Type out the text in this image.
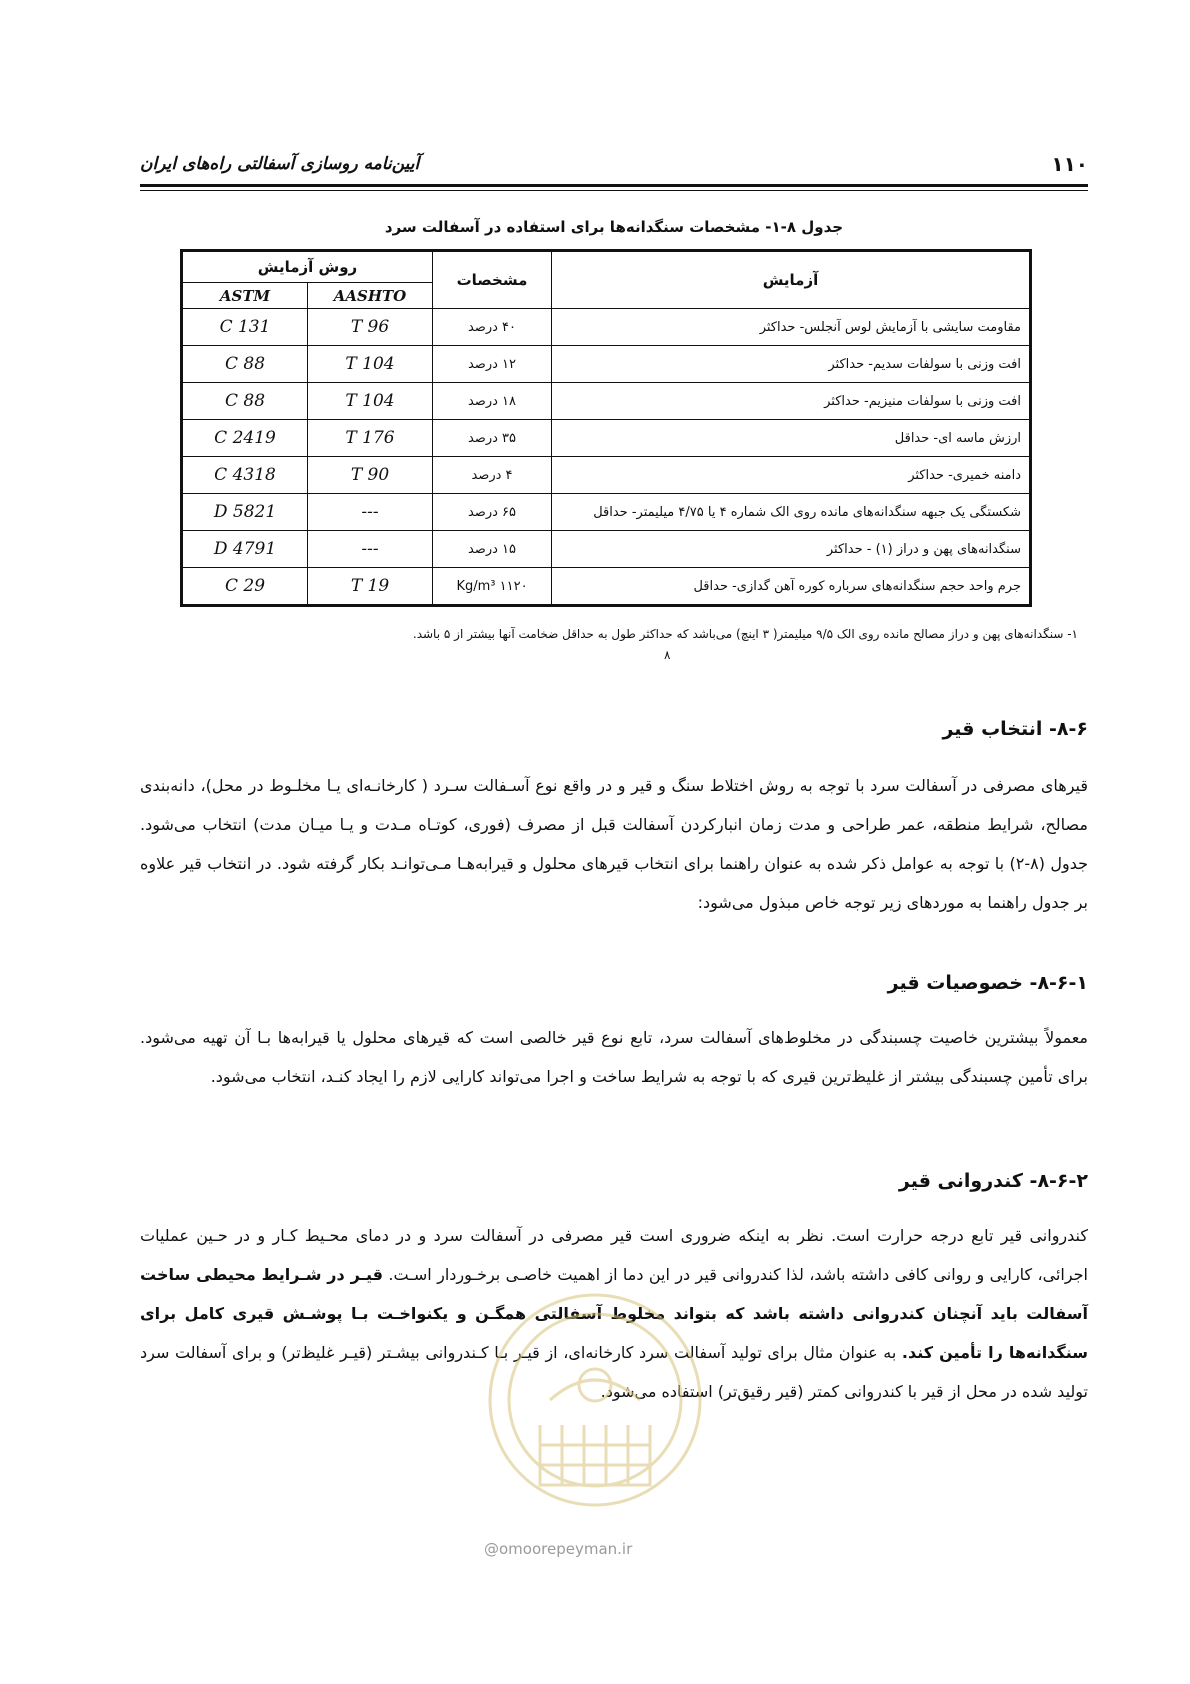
۱۱۰
آیین‌نامه روسازی آسفالتی راه‌های ایران
جدول ۸-۱- مشخصات سنگدانه‌ها برای استفاده در آسفالت سرد
آزمایش	مشخصات	روش آزمایش	
		AASHTO	ASTM
مقاومت سایشی با آزمایش لوس آنجلس- حداکثر	۴۰ درصد	T 96	C 131
افت وزنی با سولفات سدیم- حداکثر	۱۲ درصد	T 104	C 88
افت وزنی با سولفات منیزیم- حداکثر	۱۸ درصد	T 104	C 88
ارزش ماسه ای- حداقل	۳۵ درصد	T 176	C 2419
دامنه خمیری- حداکثر	۴ درصد	T 90	C 4318
شکستگی یک جبهه سنگدانه‌های مانده روی الک شماره ۴ یا ۴/۷۵ میلیمتر- حداقل	۶۵ درصد	---	D 5821
سنگدانه‌های پهن و دراز (۱) - حداکثر	۱۵ درصد	---	D 4791
جرم واحد حجم سنگدانه‌های سرباره کوره آهن گدازی- حداقل	۱۱۲۰ Kg/m³	T 19	C 29
۱- سنگدانه‌های پهن و دراز مصالح مانده روی الک ۹/۵ میلیمتر( ۳ اینچ) می‌باشد که حداکثر طول به حداقل ضخامت آنها بیشتر از ۵ باشد.
۸
۸-۶- انتخاب قیر
قیرهای مصرفی در آسفالت سرد با توجه به روش اختلاط سنگ و قیر و در واقع نوع آسـفالت سـرد ( کارخانـه‌ای یـا مخلـوط در محل)، دانه‌بندی مصالح، شرایط منطقه، عمر طراحی و مدت زمان انبارکردن آسفالت قبل از مصرف (فوری، کوتـاه مـدت و یـا میـان مدت) انتخاب می‌شود. جدول (۸-۲) با توجه به عوامل ذکر شده به عنوان راهنما برای انتخاب قیرهای محلول و قیرابه‌هـا مـی‌توانـد بکار گرفته شود. در انتخاب قیر علاوه بر جدول راهنما به موردهای زیر توجه خاص مبذول می‌شود:
۸-۶-۱- خصوصیات قیر
معمولاً بیشترین خاصیت چسبندگی در مخلوط‌های آسفالت سرد، تابع نوع قیر خالصی است که قیرهای محلول یا قیرابه‌ها بـا آن تهیه می‌شود. برای تأمین چسبندگی بیشتر از غلیظ‌ترین قیری که با توجه به شرایط ساخت و اجرا می‌تواند کارایی لازم را ایجاد کنـد، انتخاب می‌شود.
۸-۶-۲- کندروانی قیر
کندروانی قیر تابع درجه حرارت است. نظر به اینکه ضروری است قیر مصرفی در آسفالت سرد و در دمای محـیط کـار و در حـین عملیات اجرائی، کارایی و روانی کافی داشته باشد، لذا کندروانی قیر در این دما از اهمیت خاصـی برخـوردار اسـت. قیـر در شـرایط محیطی ساخت آسفالت باید آنچنان کندروانی داشته باشد که بتواند مخلوط آسفالتی همگـن و یکنواخـت بـا پوشـش قیری کامل برای سنگدانه‌ها را تأمین کند. به عنوان مثال برای تولید آسفالت سرد کارخانه‌ای، از قیـر بـا کـندروانی بیشـتر (قیـر غلیظ‌تر) و برای آسفالت سرد تولید شده در محل از قیر با کندروانی کمتر (قیر رقیق‌تر) استفاده می‌شود.
@omoorepeyman.ir
